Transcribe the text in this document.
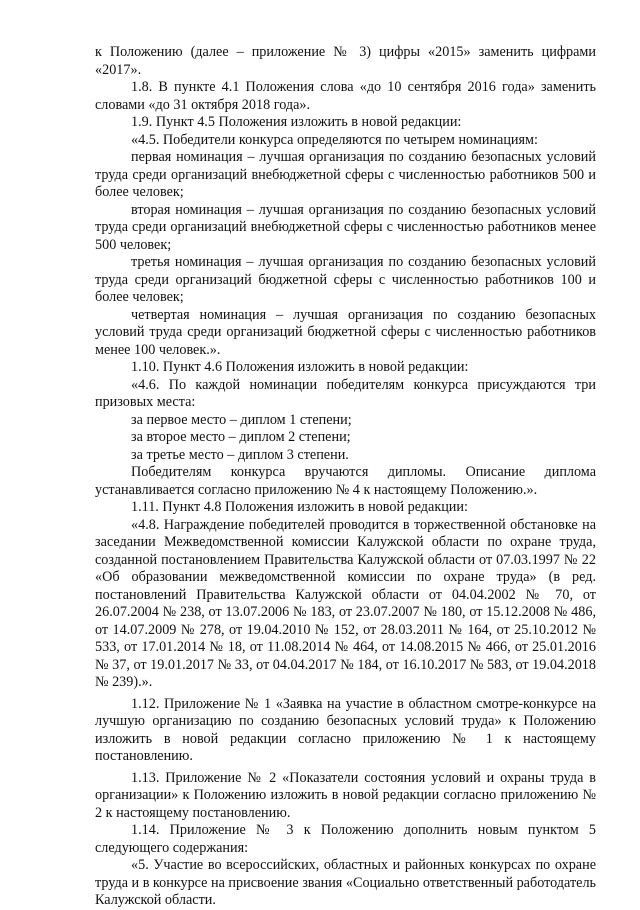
к Положению (далее – приложение № 3) цифры «2015» заменить цифрами «2017».

1.8. В пункте 4.1 Положения слова «до 10 сентября 2016 года» заменить словами «до 31 октября 2018 года».

1.9. Пункт 4.5 Положения изложить в новой редакции:

«4.5. Победители конкурса определяются по четырем номинациям:

первая номинация – лучшая организация по созданию безопасных условий труда среди организаций внебюджетной сферы с численностью работников 500 и более человек;

вторая номинация – лучшая организация по созданию безопасных условий труда среди организаций внебюджетной сферы с численностью работников менее 500 человек;

третья номинация – лучшая организация по созданию безопасных условий труда среди организаций бюджетной сферы с численностью работников 100 и более человек;

четвертая номинация – лучшая организация по созданию безопасных условий труда среди организаций бюджетной сферы с численностью работников менее 100 человек.».

1.10. Пункт 4.6 Положения изложить в новой редакции:

«4.6. По каждой номинации победителям конкурса присуждаются три призовых места:

за первое место – диплом 1 степени;

за второе место – диплом 2 степени;

за третье место – диплом 3 степени.

Победителям конкурса вручаются дипломы. Описание диплома устанавливается согласно приложению № 4 к настоящему Положению.».

1.11. Пункт 4.8 Положения изложить в новой редакции:

«4.8. Награждение победителей проводится в торжественной обстановке на заседании Межведомственной комиссии Калужской области по охране труда, созданной постановлением Правительства Калужской области от 07.03.1997 № 22 «Об образовании межведомственной комиссии по охране труда» (в ред. постановлений Правительства Калужской области от 04.04.2002 № 70, от 26.07.2004 № 238, от 13.07.2006 № 183, от 23.07.2007 № 180, от 15.12.2008 № 486, от 14.07.2009 № 278, от 19.04.2010 № 152, от 28.03.2011 № 164, от 25.10.2012 № 533, от 17.01.2014 № 18, от 11.08.2014 № 464, от 14.08.2015 № 466, от 25.01.2016 № 37, от 19.01.2017 № 33, от 04.04.2017 № 184, от 16.10.2017 № 583, от 19.04.2018 № 239).».

1.12. Приложение № 1 «Заявка на участие в областном смотре-конкурсе на лучшую организацию по созданию безопасных условий труда» к Положению изложить в новой редакции согласно приложению № 1 к настоящему постановлению.

1.13. Приложение № 2 «Показатели состояния условий и охраны труда в организации» к Положению изложить в новой редакции согласно приложению № 2 к настоящему постановлению.

1.14. Приложение № 3 к Положению дополнить новым пунктом 5 следующего содержания:

«5. Участие во всероссийских, областных и районных конкурсах по охране труда и в конкурсе на присвоение звания «Социально ответственный работодатель Калужской области.
